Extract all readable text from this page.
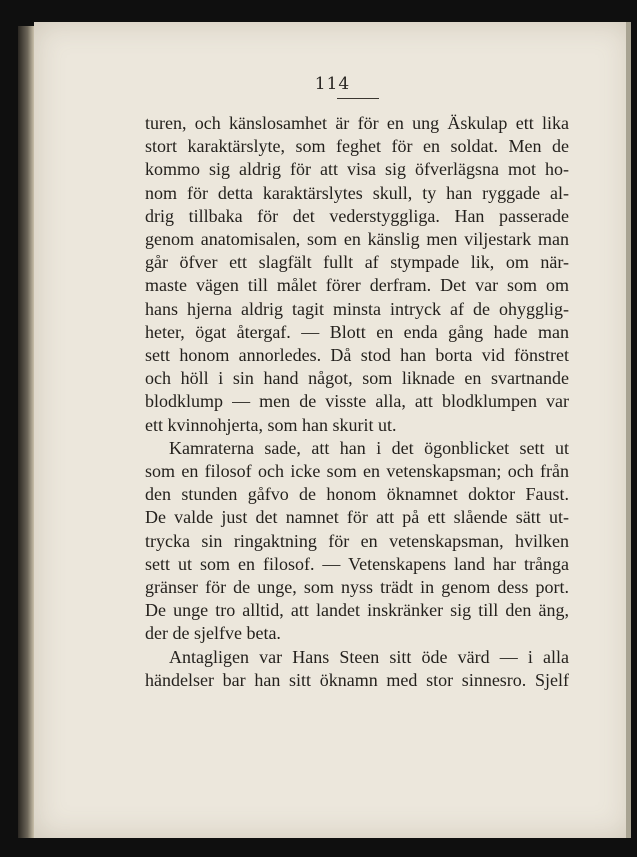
114
turen, och känslosamhet är för en ung Äskulap ett lika
stort karaktärslyte, som feghet för en soldat. Men de
kommo sig aldrig för att visa sig öfverlägsna mot ho-
nom för detta karaktärslytes skull, ty han ryggade al-
drig tillbaka för det vederstyggliga. Han passerade
genom anatomisalen, som en känslig men viljestark man
går öfver ett slagfält fullt af stympade lik, om när-
maste vägen till målet förer derfram. Det var som om
hans hjerna aldrig tagit minsta intryck af de ohygglig-
heter, ögat återgaf. — Blott en enda gång hade man
sett honom annorledes. Då stod han borta vid fönstret
och höll i sin hand något, som liknade en svartnande
blodklump — men de visste alla, att blodklumpen var
ett kvinnohjerta, som han skurit ut.
Kamraterna sade, att han i det ögonblicket sett ut
som en filosof och icke som en vetenskapsman; och från
den stunden gåfvo de honom öknamnet doktor Faust.
De valde just det namnet för att på ett slående sätt ut-
trycka sin ringaktning för en vetenskapsman, hvilken
sett ut som en filosof. — Vetenskapens land har trånga
gränser för de unge, som nyss trädt in genom dess port.
De unge tro alltid, att landet inskränker sig till den äng,
der de sjelfve beta.
Antagligen var Hans Steen sitt öde värd — i alla
händelser bar han sitt öknamn med stor sinnesro. Sjelf
